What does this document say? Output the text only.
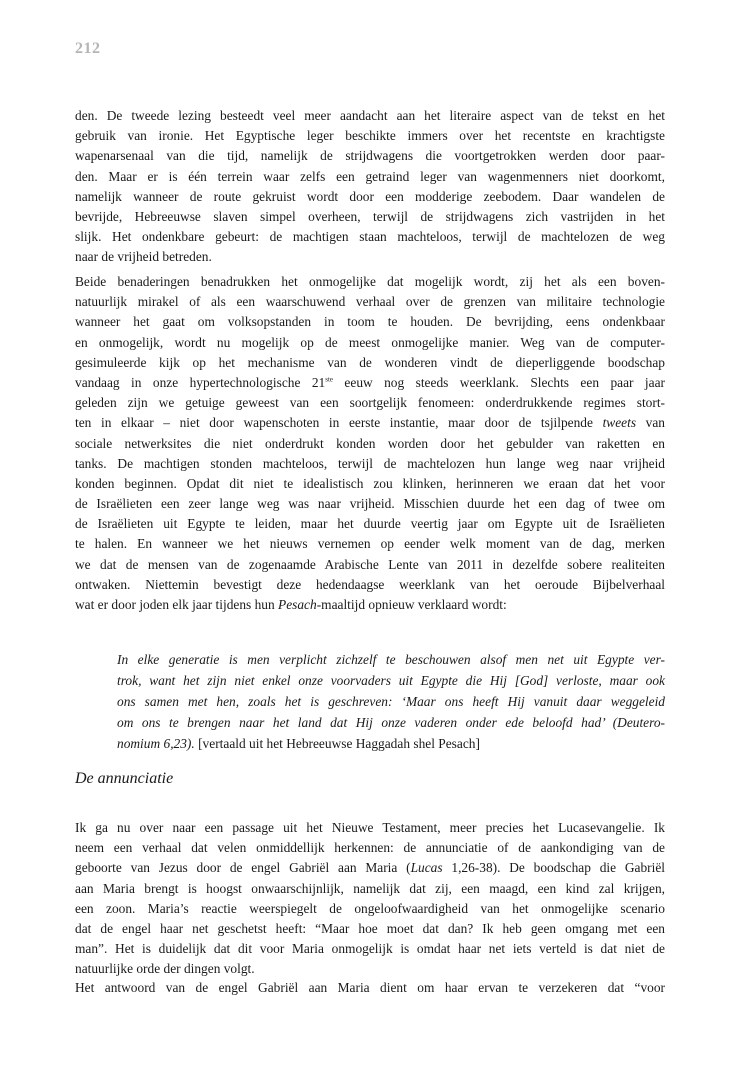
212
den. De tweede lezing besteedt veel meer aandacht aan het literaire aspect van de tekst en het
gebruik van ironie. Het Egyptische leger beschikte immers over het recentste en krachtigste
wapenarsenaal van die tijd, namelijk de strijdwagens die voortgetrokken werden door paar-
den. Maar er is één terrein waar zelfs een getraind leger van wagenmenners niet doorkomt,
namelijk wanneer de route gekruist wordt door een modderige zeebodem. Daar wandelen de
bevrijde, Hebreeuwse slaven simpel overheen, terwijl de strijdwagens zich vastrijden in het
slijk. Het ondenkbare gebeurt: de machtigen staan machteloos, terwijl de machtelozen de weg
naar de vrijheid betreden.
Beide benaderingen benadrukken het onmogelijke dat mogelijk wordt, zij het als een boven-
natuurlijk mirakel of als een waarschuwend verhaal over de grenzen van militaire technologie
wanneer het gaat om volksopstanden in toom te houden. De bevrijding, eens ondenkbaar
en onmogelijk, wordt nu mogelijk op de meest onmogelijke manier. Weg van de computer-
gesimuleerde kijk op het mechanisme van de wonderen vindt de dieperliggende boodschap
vandaag in onze hypertechnologische 21ste eeuw nog steeds weerklank. Slechts een paar jaar
geleden zijn we getuige geweest van een soortgelijk fenomeen: onderdrukkende regimes stort-
ten in elkaar – niet door wapenschoten in eerste instantie, maar door de tsjilpende tweets van
sociale netwerksites die niet onderdrukt konden worden door het gebulder van raketten en
tanks. De machtigen stonden machteloos, terwijl de machtelozen hun lange weg naar vrijheid
konden beginnen. Opdat dit niet te idealistisch zou klinken, herinneren we eraan dat het voor
de Israëlieten een zeer lange weg was naar vrijheid. Misschien duurde het een dag of twee om
de Israëlieten uit Egypte te leiden, maar het duurde veertig jaar om Egypte uit de Israëlieten
te halen. En wanneer we het nieuws vernemen op eender welk moment van de dag, merken
we dat de mensen van de zogenaamde Arabische Lente van 2011 in dezelfde sobere realiteiten
ontwaken. Niettemin bevestigt deze hedendaagse weerklank van het oeroude Bijbelverhaal
wat er door joden elk jaar tijdens hun Pesach-maaltijd opnieuw verklaard wordt:
In elke generatie is men verplicht zichzelf te beschouwen alsof men net uit Egypte ver-
trok, want het zijn niet enkel onze voorvaders uit Egypte die Hij [God] verloste, maar ook
ons samen met hen, zoals het is geschreven: ‘Maar ons heeft Hij vanuit daar weggeleid
om ons te brengen naar het land dat Hij onze vaderen onder ede beloofd had’ (Deutero-
nomium 6,23). [vertaald uit het Hebreeuwse Haggadah shel Pesach]
De annunciatie
Ik ga nu over naar een passage uit het Nieuwe Testament, meer precies het Lucasevangelie. Ik
neem een verhaal dat velen onmiddellijk herkennen: de annunciatie of de aankondiging van de
geboorte van Jezus door de engel Gabriël aan Maria (Lucas 1,26-38). De boodschap die Gabriël
aan Maria brengt is hoogst onwaarschijnlijk, namelijk dat zij, een maagd, een kind zal krijgen,
een zoon. Maria’s reactie weerspiegelt de ongeloofwaardigheid van het onmogelijke scenario
dat de engel haar net geschetst heeft: “Maar hoe moet dat dan? Ik heb geen omgang met een
man”. Het is duidelijk dat dit voor Maria onmogelijk is omdat haar net iets verteld is dat niet de
natuurlijke orde der dingen volgt.
Het antwoord van de engel Gabriël aan Maria dient om haar ervan te verzekeren dat “voor
